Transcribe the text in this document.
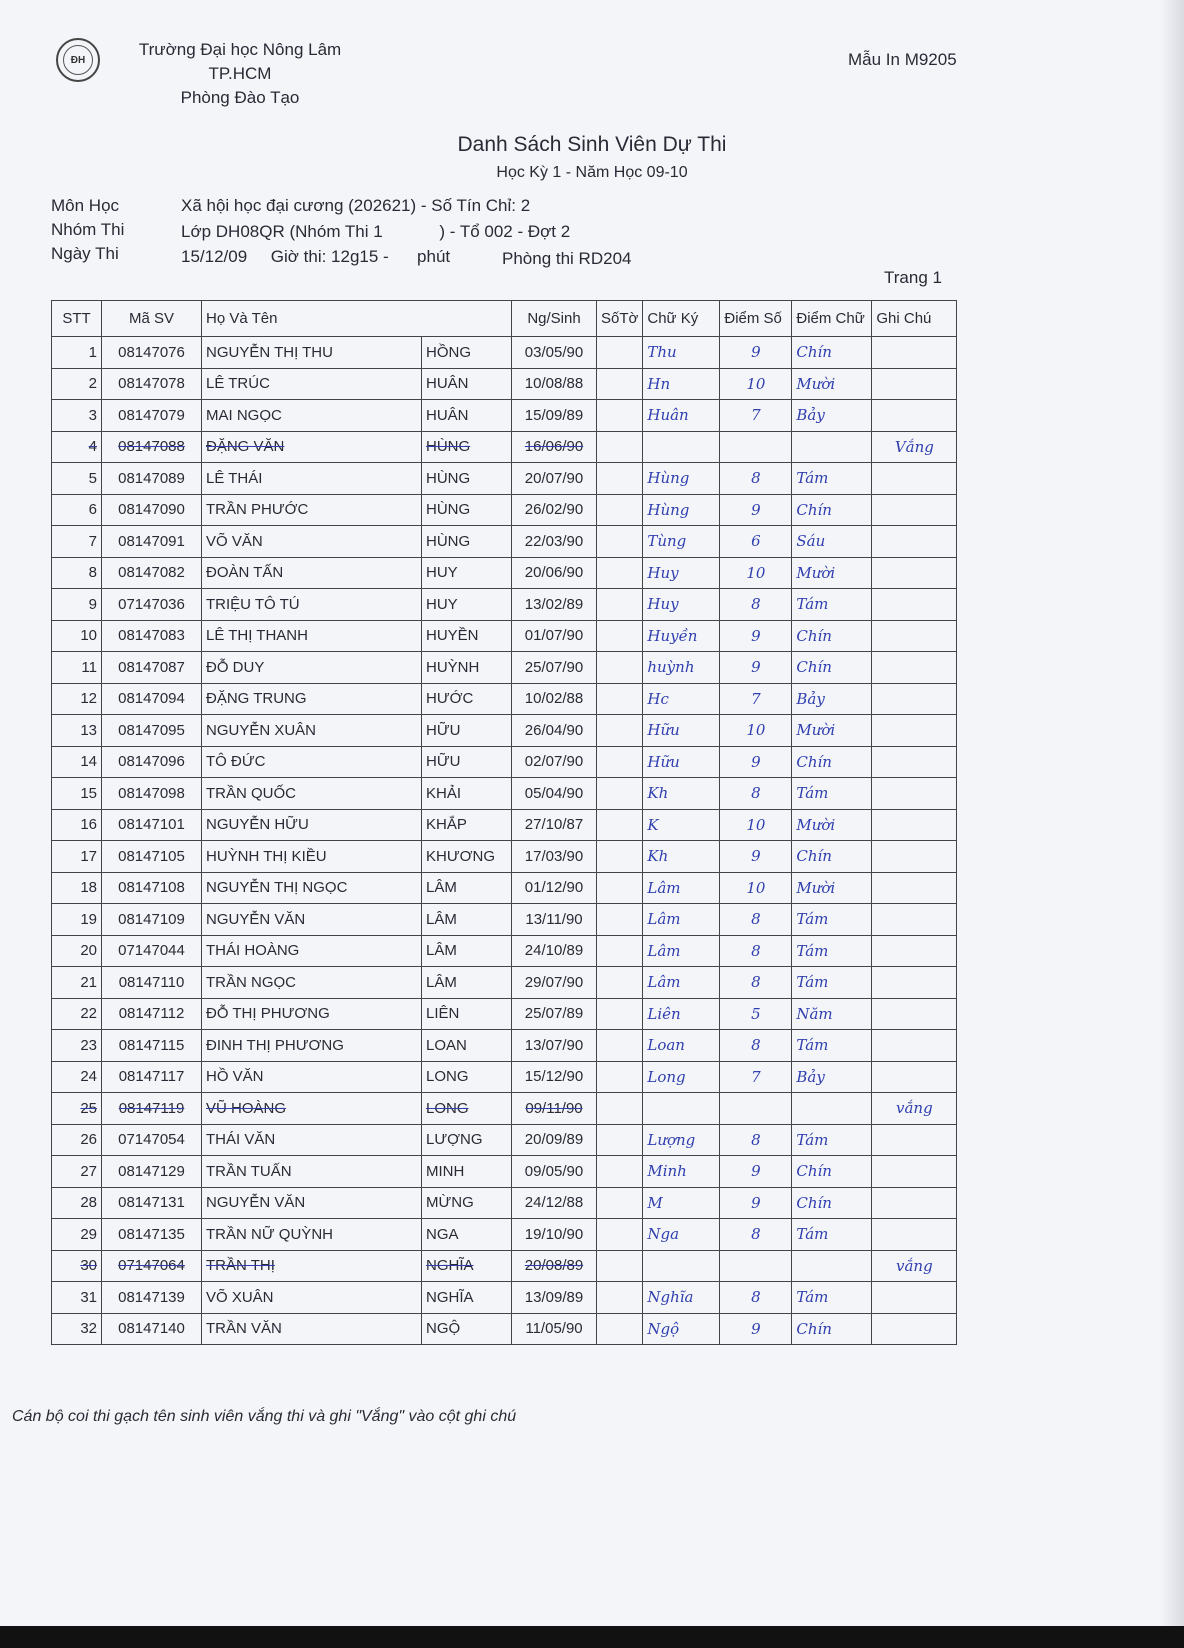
ĐH
Trường Đại học Nông Lâm
TP.HCM
Phòng Đào Tạo
Mẫu In M9205
Danh Sách Sinh Viên Dự Thi
Học Kỳ 1 - Năm Học 09-10
Môn Học	Xã hội học đại cương (202621) - Số Tín Chỉ: 2
Nhóm Thi	Lớp DH08QR (Nhóm Thi 1            ) - Tổ 002 - Đợt 2
Ngày Thi	15/12/09     Giờ thi: 12g15 -      phút	Phòng thi RD204
Trang 1
STT	Mã SV	Họ Và Tên		Ng/Sinh	SốTờ	Chữ Ký	Điểm Số	Điểm Chữ	Ghi Chú
1	08147076	NGUYỄN THỊ THU	HỒNG	03/05/90		Thu	9	Chín	
2	08147078	LÊ TRÚC	HUÂN	10/08/88		Hn	10	Mười	
3	08147079	MAI NGỌC	HUÂN	15/09/89		Huân	7	Bảy	
4	08147088	ĐẶNG VĂN	HÙNG	16/06/90					Vắng
5	08147089	LÊ THÁI	HÙNG	20/07/90		Hùng	8	Tám	
6	08147090	TRẦN PHƯỚC	HÙNG	26/02/90		Hùng	9	Chín	
7	08147091	VÕ VĂN	HÙNG	22/03/90		Tùng	6	Sáu	
8	08147082	ĐOÀN TẤN	HUY	20/06/90		Huy	10	Mười	
9	07147036	TRIỆU TÔ TÚ	HUY	13/02/89		Huy	8	Tám	
10	08147083	LÊ THỊ THANH	HUYỀN	01/07/90		Huyền	9	Chín	
11	08147087	ĐỖ DUY	HUỲNH	25/07/90		huỳnh	9	Chín	
12	08147094	ĐẶNG TRUNG	HƯỚC	10/02/88		Hc	7	Bảy	
13	08147095	NGUYỄN XUÂN	HỮU	26/04/90		Hữu	10	Mười	
14	08147096	TÔ ĐỨC	HỮU	02/07/90		Hữu	9	Chín	
15	08147098	TRẦN QUỐC	KHẢI	05/04/90		Kh	8	Tám	
16	08147101	NGUYỄN HỮU	KHẮP	27/10/87		K	10	Mười	
17	08147105	HUỲNH THỊ KIỀU	KHƯƠNG	17/03/90		Kh	9	Chín	
18	08147108	NGUYỄN THỊ NGỌC	LÂM	01/12/90		Lâm	10	Mười	
19	08147109	NGUYỄN VĂN	LÂM	13/11/90		Lâm	8	Tám	
20	07147044	THÁI HOÀNG	LÂM	24/10/89		Lâm	8	Tám	
21	08147110	TRẦN NGỌC	LÂM	29/07/90		Lâm	8	Tám	
22	08147112	ĐỖ THỊ PHƯƠNG	LIÊN	25/07/89		Liên	5	Năm	
23	08147115	ĐINH THỊ PHƯƠNG	LOAN	13/07/90		Loan	8	Tám	
24	08147117	HỒ VĂN	LONG	15/12/90		Long	7	Bảy	
25	08147119	VŨ HOÀNG	LONG	09/11/90					vắng
26	07147054	THÁI VĂN	LƯỢNG	20/09/89		Lượng	8	Tám	
27	08147129	TRẦN TUẤN	MINH	09/05/90		Minh	9	Chín	
28	08147131	NGUYỄN VĂN	MỪNG	24/12/88		M	9	Chín	
29	08147135	TRẦN NỮ QUỲNH	NGA	19/10/90		Nga	8	Tám	
30	07147064	TRẦN THỊ	NGHĨA	20/08/89					vắng
31	08147139	VÕ XUÂN	NGHĨA	13/09/89		Nghĩa	8	Tám	
32	08147140	TRẦN VĂN	NGỘ	11/05/90		Ngộ	9	Chín	
Cán bộ coi thi gạch tên sinh viên vắng thi và ghi "Vắng" vào cột ghi chú
